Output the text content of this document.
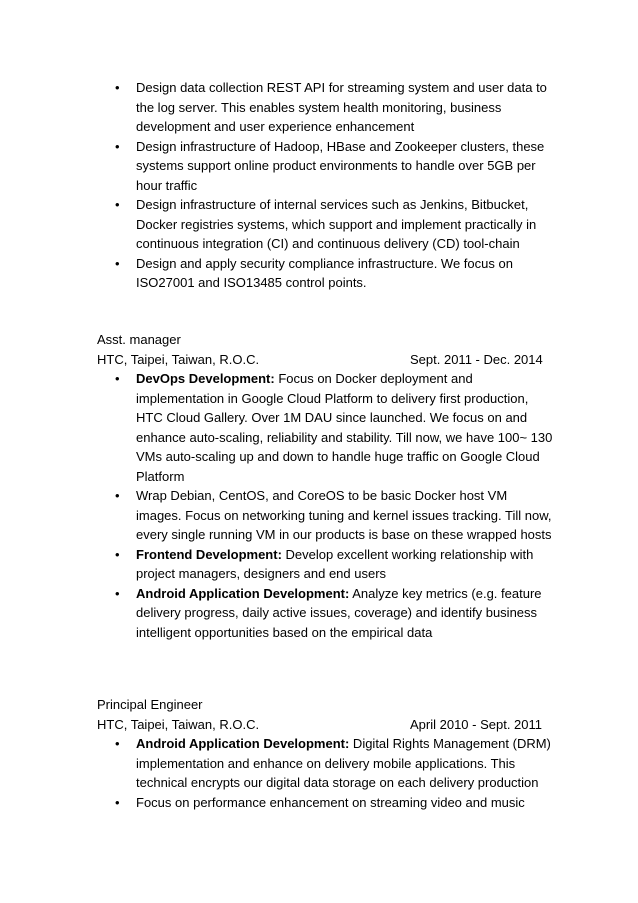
• Design data collection REST API for streaming system and user data to the log server. This enables system health monitoring, business development and user experience enhancement
• Design infrastructure of Hadoop, HBase and Zookeeper clusters, these systems support online product environments to handle over 5GB per hour traffic
• Design infrastructure of internal services such as Jenkins, Bitbucket, Docker registries systems, which support and implement practically in continuous integration (CI) and continuous delivery (CD) tool-chain
• Design and apply security compliance infrastructure. We focus on ISO27001 and ISO13485 control points.
Asst. manager
HTC, Taipei, Taiwan, R.O.C.	Sept. 2011 - Dec. 2014
• DevOps Development: Focus on Docker deployment and implementation in Google Cloud Platform to delivery first production, HTC Cloud Gallery. Over 1M DAU since launched. We focus on and enhance auto-scaling, reliability and stability. Till now, we have 100~ 130 VMs auto-scaling up and down to handle huge traffic on Google Cloud Platform
• Wrap Debian, CentOS, and CoreOS to be basic Docker host VM images. Focus on networking tuning and kernel issues tracking. Till now, every single running VM in our products is base on these wrapped hosts
• Frontend Development: Develop excellent working relationship with project managers, designers and end users
• Android Application Development: Analyze key metrics (e.g. feature delivery progress, daily active issues, coverage) and identify business intelligent opportunities based on the empirical data
Principal Engineer
HTC, Taipei, Taiwan, R.O.C.	April 2010 - Sept. 2011
• Android Application Development: Digital Rights Management (DRM) implementation and enhance on delivery mobile applications. This technical encrypts our digital data storage on each delivery production
• Focus on performance enhancement on streaming video and music
